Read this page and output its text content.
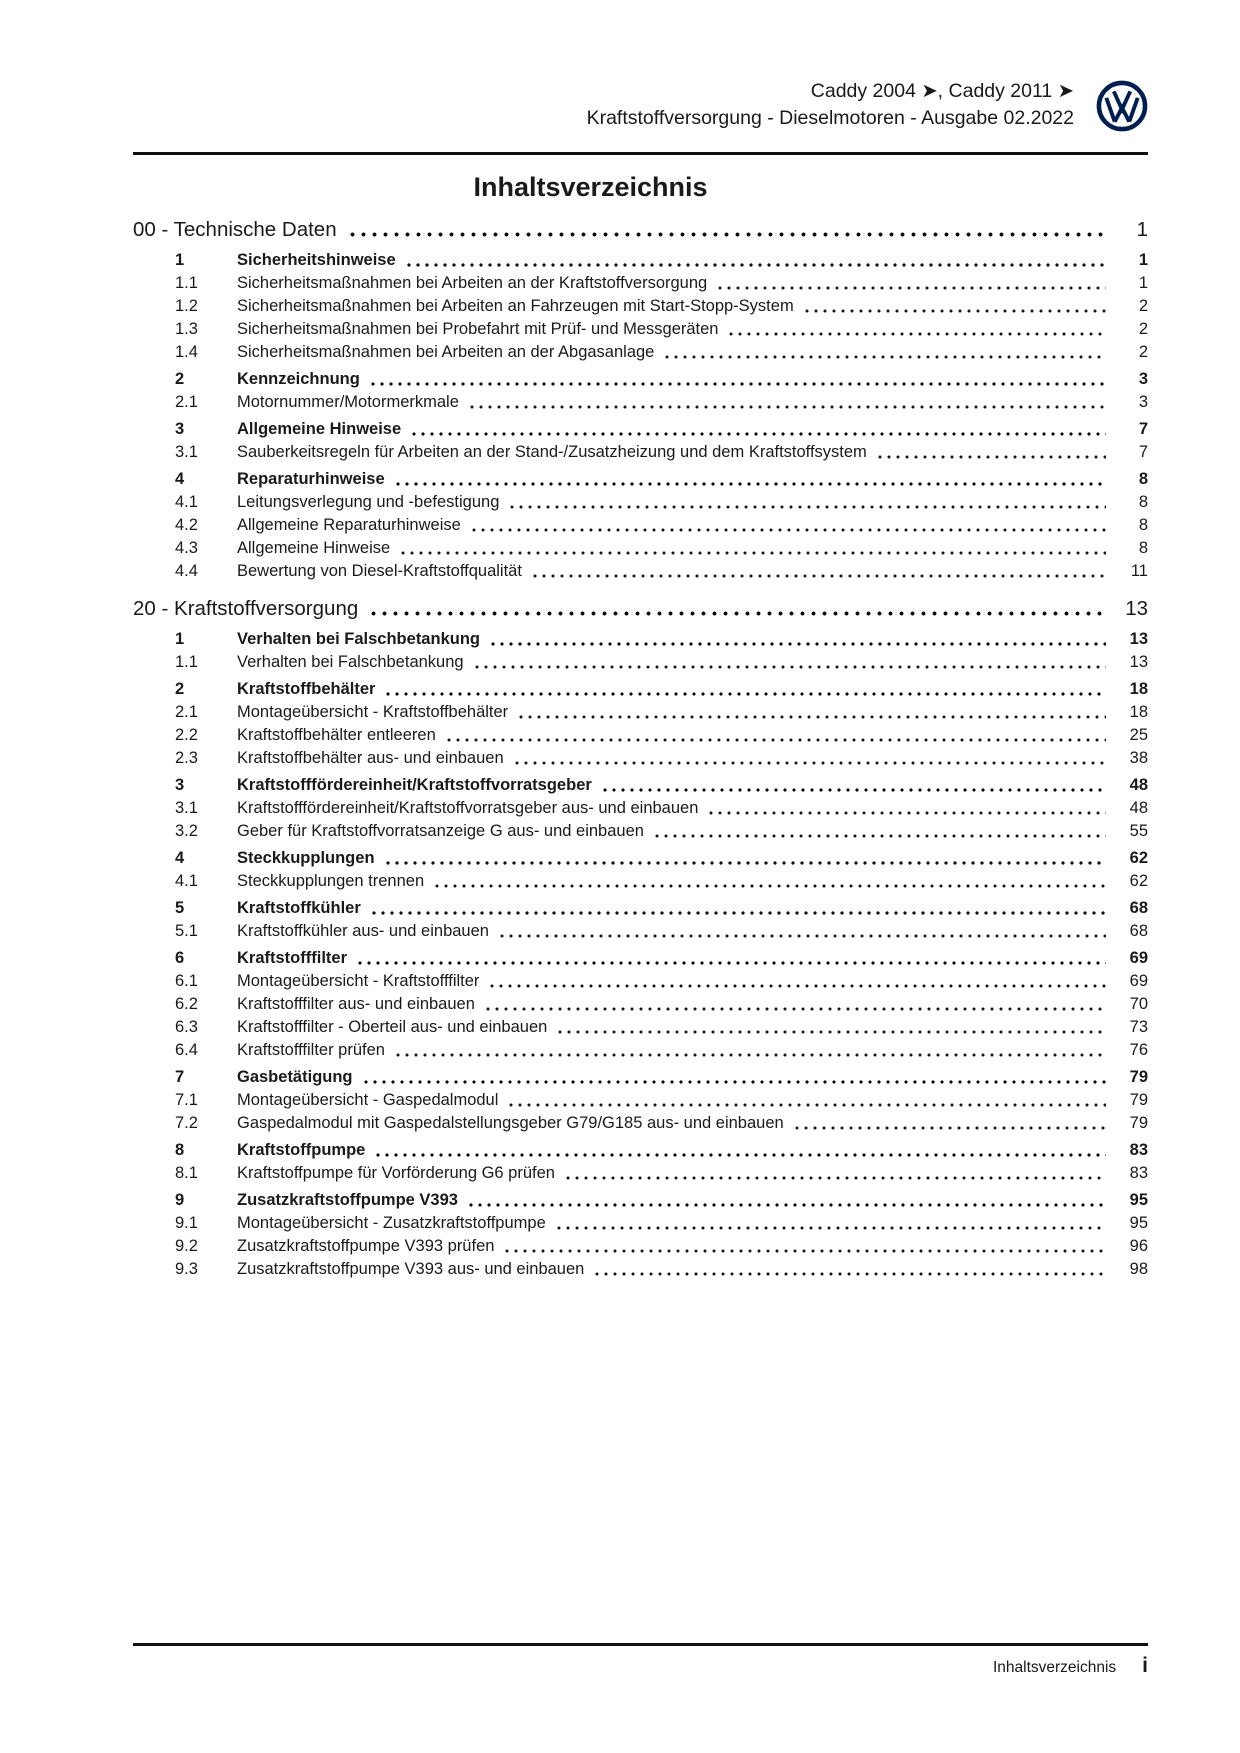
Caddy 2004 ➤, Caddy 2011 ➤
Kraftstoffversorgung - Dieselmotoren - Ausgabe 02.2022
Inhaltsverzeichnis
00 - Technische Daten	1
1	Sicherheitshinweise	1
1.1	Sicherheitsmaßnahmen bei Arbeiten an der Kraftstoffversorgung	1
1.2	Sicherheitsmaßnahmen bei Arbeiten an Fahrzeugen mit Start-Stopp-System	2
1.3	Sicherheitsmaßnahmen bei Probefahrt mit Prüf- und Messgeräten	2
1.4	Sicherheitsmaßnahmen bei Arbeiten an der Abgasanlage	2
2	Kennzeichnung	3
2.1	Motornummer/Motormerkmale	3
3	Allgemeine Hinweise	7
3.1	Sauberkeitsregeln für Arbeiten an der Stand-/Zusatzheizung und dem Kraftstoffsystem	7
4	Reparaturhinweise	8
4.1	Leitungsverlegung und -befestigung	8
4.2	Allgemeine Reparaturhinweise	8
4.3	Allgemeine Hinweise	8
4.4	Bewertung von Diesel-Kraftstoffqualität	11
20 - Kraftstoffversorgung	13
1	Verhalten bei Falschbetankung	13
1.1	Verhalten bei Falschbetankung	13
2	Kraftstoffbehälter	18
2.1	Montageübersicht - Kraftstoffbehälter	18
2.2	Kraftstoffbehälter entleeren	25
2.3	Kraftstoffbehälter aus- und einbauen	38
3	Kraftstofffördereinheit/Kraftstoffvorratsgeber	48
3.1	Kraftstofffördereinheit/Kraftstoffvorratsgeber aus- und einbauen	48
3.2	Geber für Kraftstoffvorratsanzeige G aus- und einbauen	55
4	Steckkupplungen	62
4.1	Steckkupplungen trennen	62
5	Kraftstoffkühler	68
5.1	Kraftstoffkühler aus- und einbauen	68
6	Kraftstofffilter	69
6.1	Montageübersicht - Kraftstofffilter	69
6.2	Kraftstofffilter aus- und einbauen	70
6.3	Kraftstofffilter - Oberteil aus- und einbauen	73
6.4	Kraftstofffilter prüfen	76
7	Gasbetätigung	79
7.1	Montageübersicht - Gaspedalmodul	79
7.2	Gaspedalmodul mit Gaspedalstellungsgeber G79/G185 aus- und einbauen	79
8	Kraftstoffpumpe	83
8.1	Kraftstoffpumpe für Vorförderung G6 prüfen	83
9	Zusatzkraftstoffpumpe V393	95
9.1	Montageübersicht - Zusatzkraftstoffpumpe	95
9.2	Zusatzkraftstoffpumpe V393 prüfen	96
9.3	Zusatzkraftstoffpumpe V393 aus- und einbauen	98
Inhaltsverzeichnis i
